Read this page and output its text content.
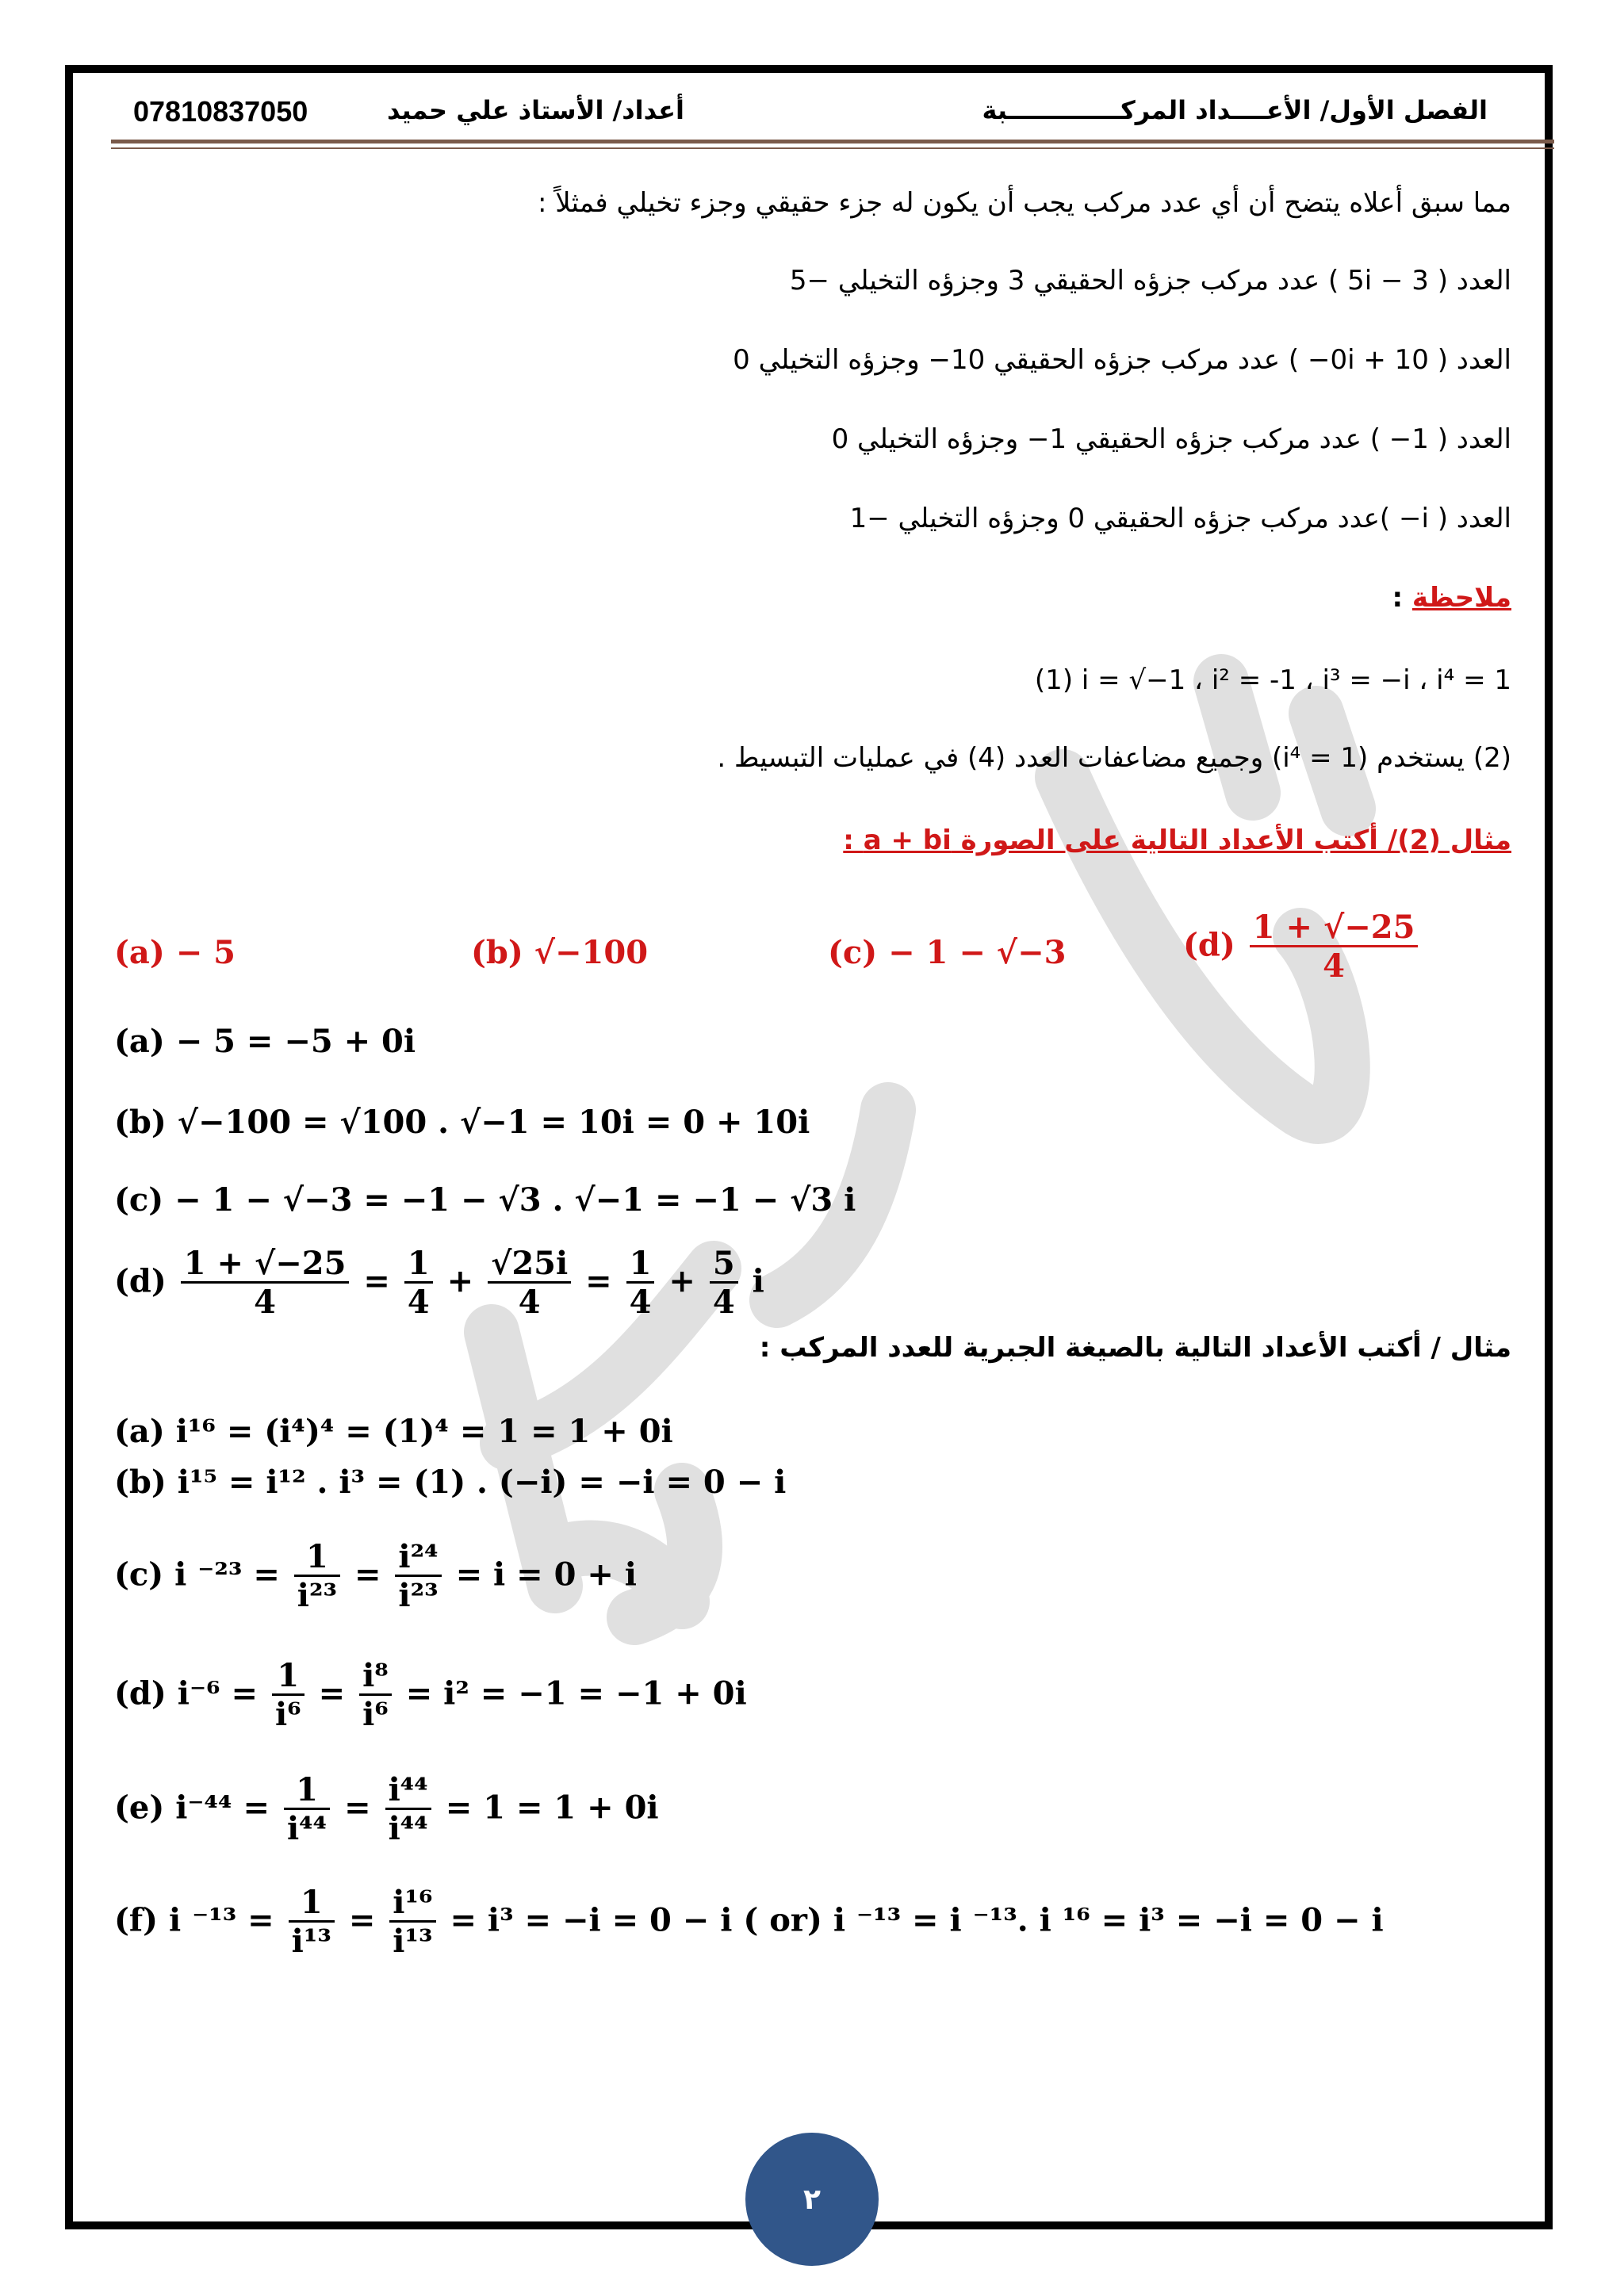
07810837050	أعداد/ الأستاذ علي حميد	الفصل الأول/ الأعــــداد المركـــــــــــــبة
مما سبق أعلاه يتضح أن أي عدد مركب يجب أن يكون له جزء حقيقي وجزء تخيلي فمثلاً :
العدد ( 5i − 3 ) عدد مركب جزؤه الحقيقي 3 وجزؤه التخيلي −5
العدد ( 0i + 10− ) عدد مركب جزؤه الحقيقي 10− وجزؤه التخيلي 0
العدد ( 1− ) عدد مركب جزؤه الحقيقي 1− وجزؤه التخيلي 0
العدد ( i− )عدد مركب جزؤه الحقيقي 0 وجزؤه التخيلي −1
ملاحظة :
(1) i = √−1 ، i² = -1 ، i³ = −i ، i⁴ = 1
(2) يستخدم (i⁴ = 1) وجميع مضاعفات العدد (4) في عمليات التبسيط .
مثال (2)/ أكتب الأعداد التالية على الصورة a + bi :
(a) − 5	(b) √−100	(c) − 1 − √−3	$(d) \frac{1 + √-25}{4}$
(a) − 5 = −5 + 0i
(b) √−100 = √100 . √−1 = 10i = 0 + 10i
(c) − 1 − √−3 = −1 − √3 . √−1 = −1 − √3 i
$(d) \frac{1 + √-25}{4} = \frac{1}{4} + \frac{√25i}{4} = \frac{1}{4} + \frac{5}{4}$ i
مثال / أكتب الأعداد التالية بالصيغة الجبرية للعدد المركب :
(a) i¹⁶ = (i⁴)⁴ = (1)⁴ = 1 = 1 + 0i
(b) i¹⁵ = i¹² . i³ = (1) . (−i) = −i = 0 − i
(c) i $^{-23} = \frac{1}{\text{i²³}} = \frac{\text{i²⁴}}{\text{i²³}} = i = 0 + i$
(d) $i^{-6} = \frac{1}{\text{i⁶}} = \frac{\text{i⁸}}{\text{i⁶}} = i^2 = -1 = -1 + 0i$
(e) $i^{-44} = \frac{1}{\text{i⁴⁴}} = \frac{\text{i⁴⁴}}{\text{i⁴⁴}} = 1 = 1 + 0i$
(f) i $^{-13} = \frac{1}{\text{i¹³}} = \frac{\text{i¹⁶}}{\text{i¹³}} = i^3 = -i = 0 - i$ ( or) i ⁻¹³ = i ⁻¹³. i ¹⁶ = i³ = −i = 0 − i
٢
